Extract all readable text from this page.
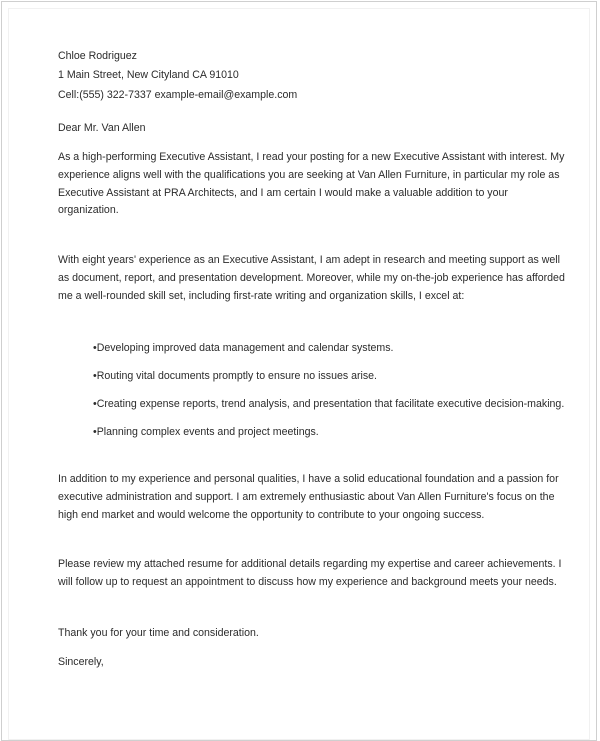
Chloe Rodriguez
1 Main Street, New Cityland CA 91010
Cell:(555) 322-7337 example-email@example.com
Dear Mr. Van Allen
As a high-performing Executive Assistant, I read your posting for a new Executive Assistant with interest. My
experience aligns well with the qualifications you are seeking at Van Allen Furniture, in particular my role as
Executive Assistant at PRA Architects, and I am certain I would make a valuable addition to your
organization.
With eight years' experience as an Executive Assistant, I am adept in research and meeting support as well
as document, report, and presentation development. Moreover, while my on-the-job experience has afforded
me a well-rounded skill set, including first-rate writing and organization skills, I excel at:
•Developing improved data management and calendar systems.
•Routing vital documents promptly to ensure no issues arise.
•Creating expense reports, trend analysis, and presentation that facilitate executive decision-making.
•Planning complex events and project meetings.
In addition to my experience and personal qualities, I have a solid educational foundation and a passion for
executive administration and support. I am extremely enthusiastic about Van Allen Furniture's focus on the
high end market and would welcome the opportunity to contribute to your ongoing success.
Please review my attached resume for additional details regarding my expertise and career achievements. I
will follow up to request an appointment to discuss how my experience and background meets your needs.
Thank you for your time and consideration.
Sincerely,
